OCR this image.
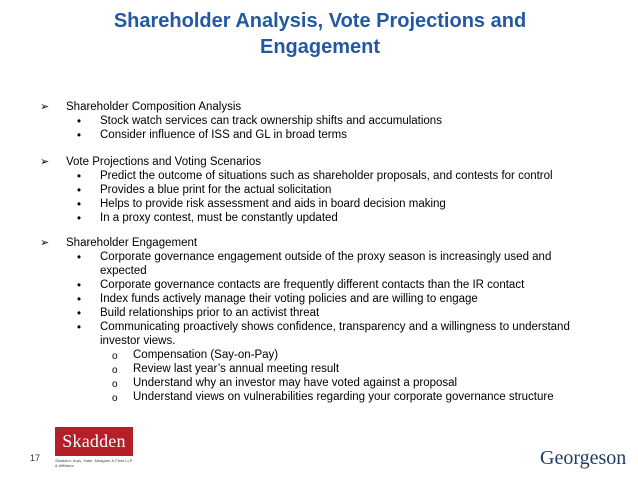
Shareholder Analysis, Vote Projections and Engagement
➢ Shareholder Composition Analysis
• Stock watch services can track ownership shifts and accumulations
• Consider influence of ISS and GL in broad terms
➢ Vote Projections and Voting Scenarios
• Predict the outcome of situations such as shareholder proposals, and contests for control
• Provides a blue print for the actual solicitation
• Helps to provide risk assessment and aids in board decision making
• In a proxy contest, must be constantly updated
➢ Shareholder Engagement
• Corporate governance engagement outside of the proxy season is increasingly used and expected
• Corporate governance contacts are frequently different contacts than the IR contact
• Index funds actively manage their voting policies and are willing to engage
• Build relationships prior to an activist threat
• Communicating proactively shows confidence, transparency and a willingness to understand investor views.
o Compensation (Say-on-Pay)
o Review last year’s annual meeting result
o Understand why an investor may have voted against a proposal
o Understand views on vulnerabilities regarding your corporate governance structure
17
Skadden
Skadden, Arps, Slate, Meagher & Flom LLP & Affiliates	Georgeson
